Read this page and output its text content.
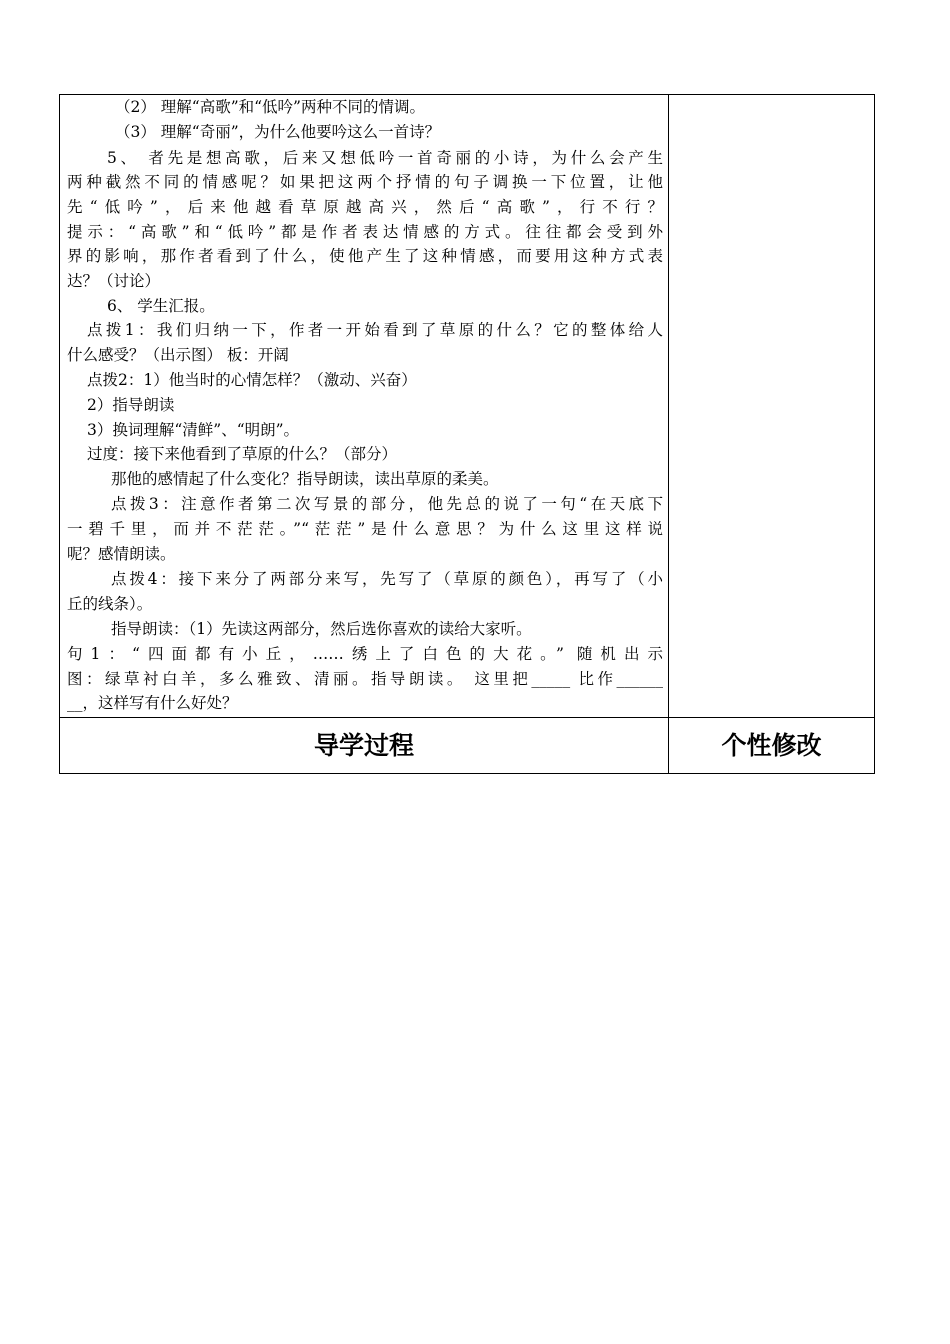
（2） 理解“高歌”和“低吟”两种不同的情调。
（3） 理解“奇丽”，为什么他要吟这么一首诗？
5、 者先是想高歌，后来又想低吟一首奇丽的小诗，为什么会产生
两种截然不同的情感呢？如果把这两个抒情的句子调换一下位置，让他
先“低吟”，后来他越看草原越高兴，然后“高歌”，行不行？
提示：“高歌”和“低吟”都是作者表达情感的方式。往往都会受到外
界的影响，那作者看到了什么，使他产生了这种情感，而要用这种方式表
达？（讨论）
6、 学生汇报。
点拨1：我们归纳一下，作者一开始看到了草原的什么？它的整体给人
什么感受？（出示图） 板：开阔
点拨2：1）他当时的心情怎样？（激动、兴奋）
2）指导朗读
3）换词理解“清鲜”、“明朗”。
过度：接下来他看到了草原的什么？（部分）
那他的感情起了什么变化？指导朗读，读出草原的柔美。
点拨3：注意作者第二次写景的部分，他先总的说了一句“在天底下
一碧千里，而并不茫茫。”“茫茫”是什么意思？为什么这里这样说
呢？感情朗读。
点拨4：接下来分了两部分来写，先写了（草原的颜色），再写了（小
丘的线条）。
指导朗读：（1）先读这两部分，然后选你喜欢的读给大家听。
句1：“四面都有小丘，……绣上了白色的大花。” 随机出示
图：绿草衬白羊，多么雅致、清丽。指导朗读。 这里把_____ 比作______
__，这样写有什么好处？
导学过程	个性修改
